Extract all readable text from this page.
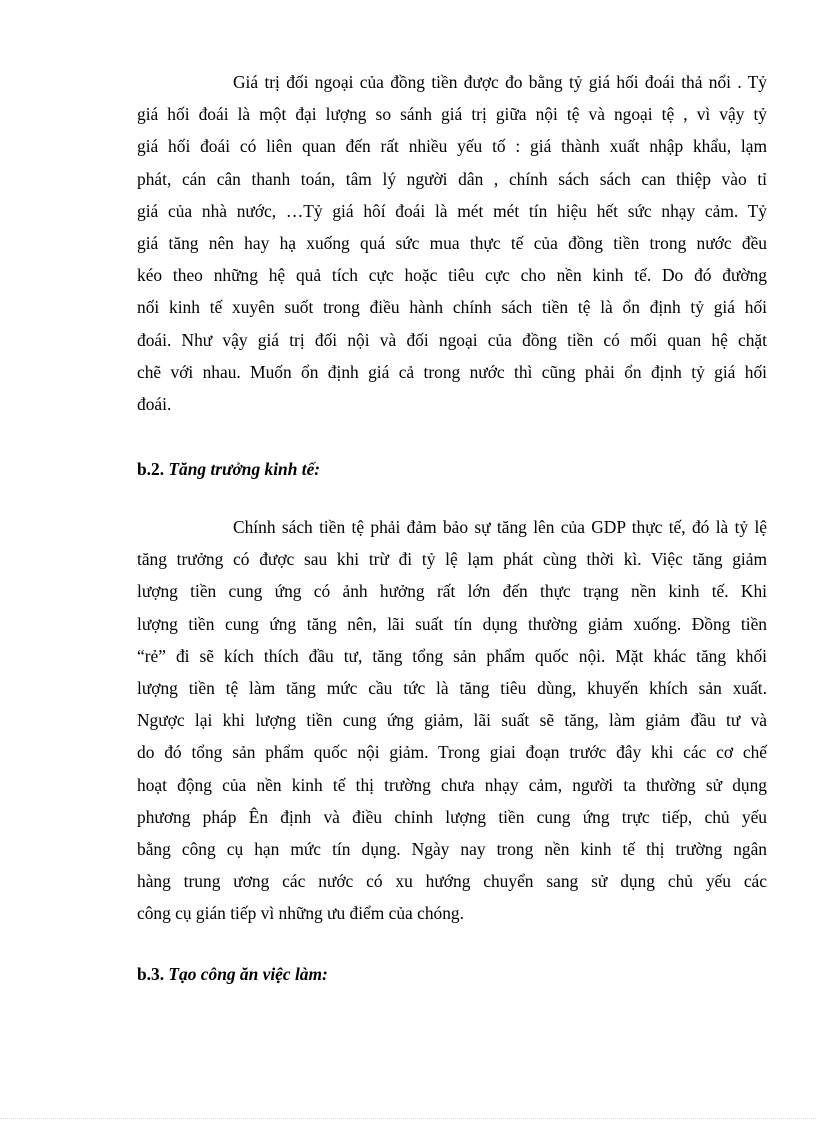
Giá trị đối ngoại của đồng tiền được đo bằng tỷ giá hối đoái thả nổi . Tỷ
giá hối đoái là một đại lượng so sánh giá trị giữa nội tệ và ngoại tệ , vì vậy tỷ
giá hối đoái có liên quan đến rất nhiều yếu tố : giá thành xuất nhập khẩu, lạm
phát, cán cân thanh toán, tâm lý người dân , chính sách sách can thiệp vào tỉ
giá của nhà nước, …Tỷ giá hôí đoái là mét mét tín hiệu hết sức nhạy cảm. Tỷ
giá tăng nên hay hạ xuống quá sức mua thực tế của đồng tiền trong nước đều
kéo theo những hệ quả tích cực hoặc tiêu cực cho nền kinh tế. Do đó đường
nối kinh tế xuyên suốt trong điều hành chính sách tiền tệ là ổn định tỷ giá hối
đoái. Như vậy giá trị đối nội và đối ngoại của đồng tiền có mối quan hệ chặt
chẽ với nhau. Muốn ổn định giá cả trong nước thì cũng phải ổn định tỷ giá hối
đoái.
b.2. Tăng trưởng kinh tế:
Chính sách tiền tệ phải đảm bảo sự tăng lên của GDP thực tế, đó là tỷ lệ
tăng trưởng có được sau khi trừ đi tỷ lệ lạm phát cùng thời kì. Việc tăng giảm
lượng tiền cung ứng có ảnh hưởng rất lớn đến thực trạng nền kinh tế. Khi
lượng tiền cung ứng tăng nên, lãi suất tín dụng thường giảm xuống. Đồng tiền
“rẻ” đi sẽ kích thích đầu tư, tăng tổng sản phẩm quốc nội. Mặt khác tăng khối
lượng tiền tệ làm tăng mức cầu tức là tăng tiêu dùng, khuyến khích sản xuất.
Ngược lại khi lượng tiền cung ứng giảm, lãi suất sẽ tăng, làm giảm đầu tư và
do đó tổng sản phẩm quốc nội giảm. Trong giai đoạn trước đây khi các cơ chế
hoạt động của nền kinh tế thị trường chưa nhạy cảm, người ta thường sử dụng
phương pháp Ên định và điều chỉnh lượng tiền cung ứng trực tiếp, chủ yếu
bằng công cụ hạn mức tín dụng. Ngày nay trong nền kinh tế thị trường ngân
hàng trung ương các nước có xu hướng chuyển sang sử dụng chủ yếu các
công cụ gián tiếp vì những ưu điểm của chóng.
b.3. Tạo công ăn việc làm:
